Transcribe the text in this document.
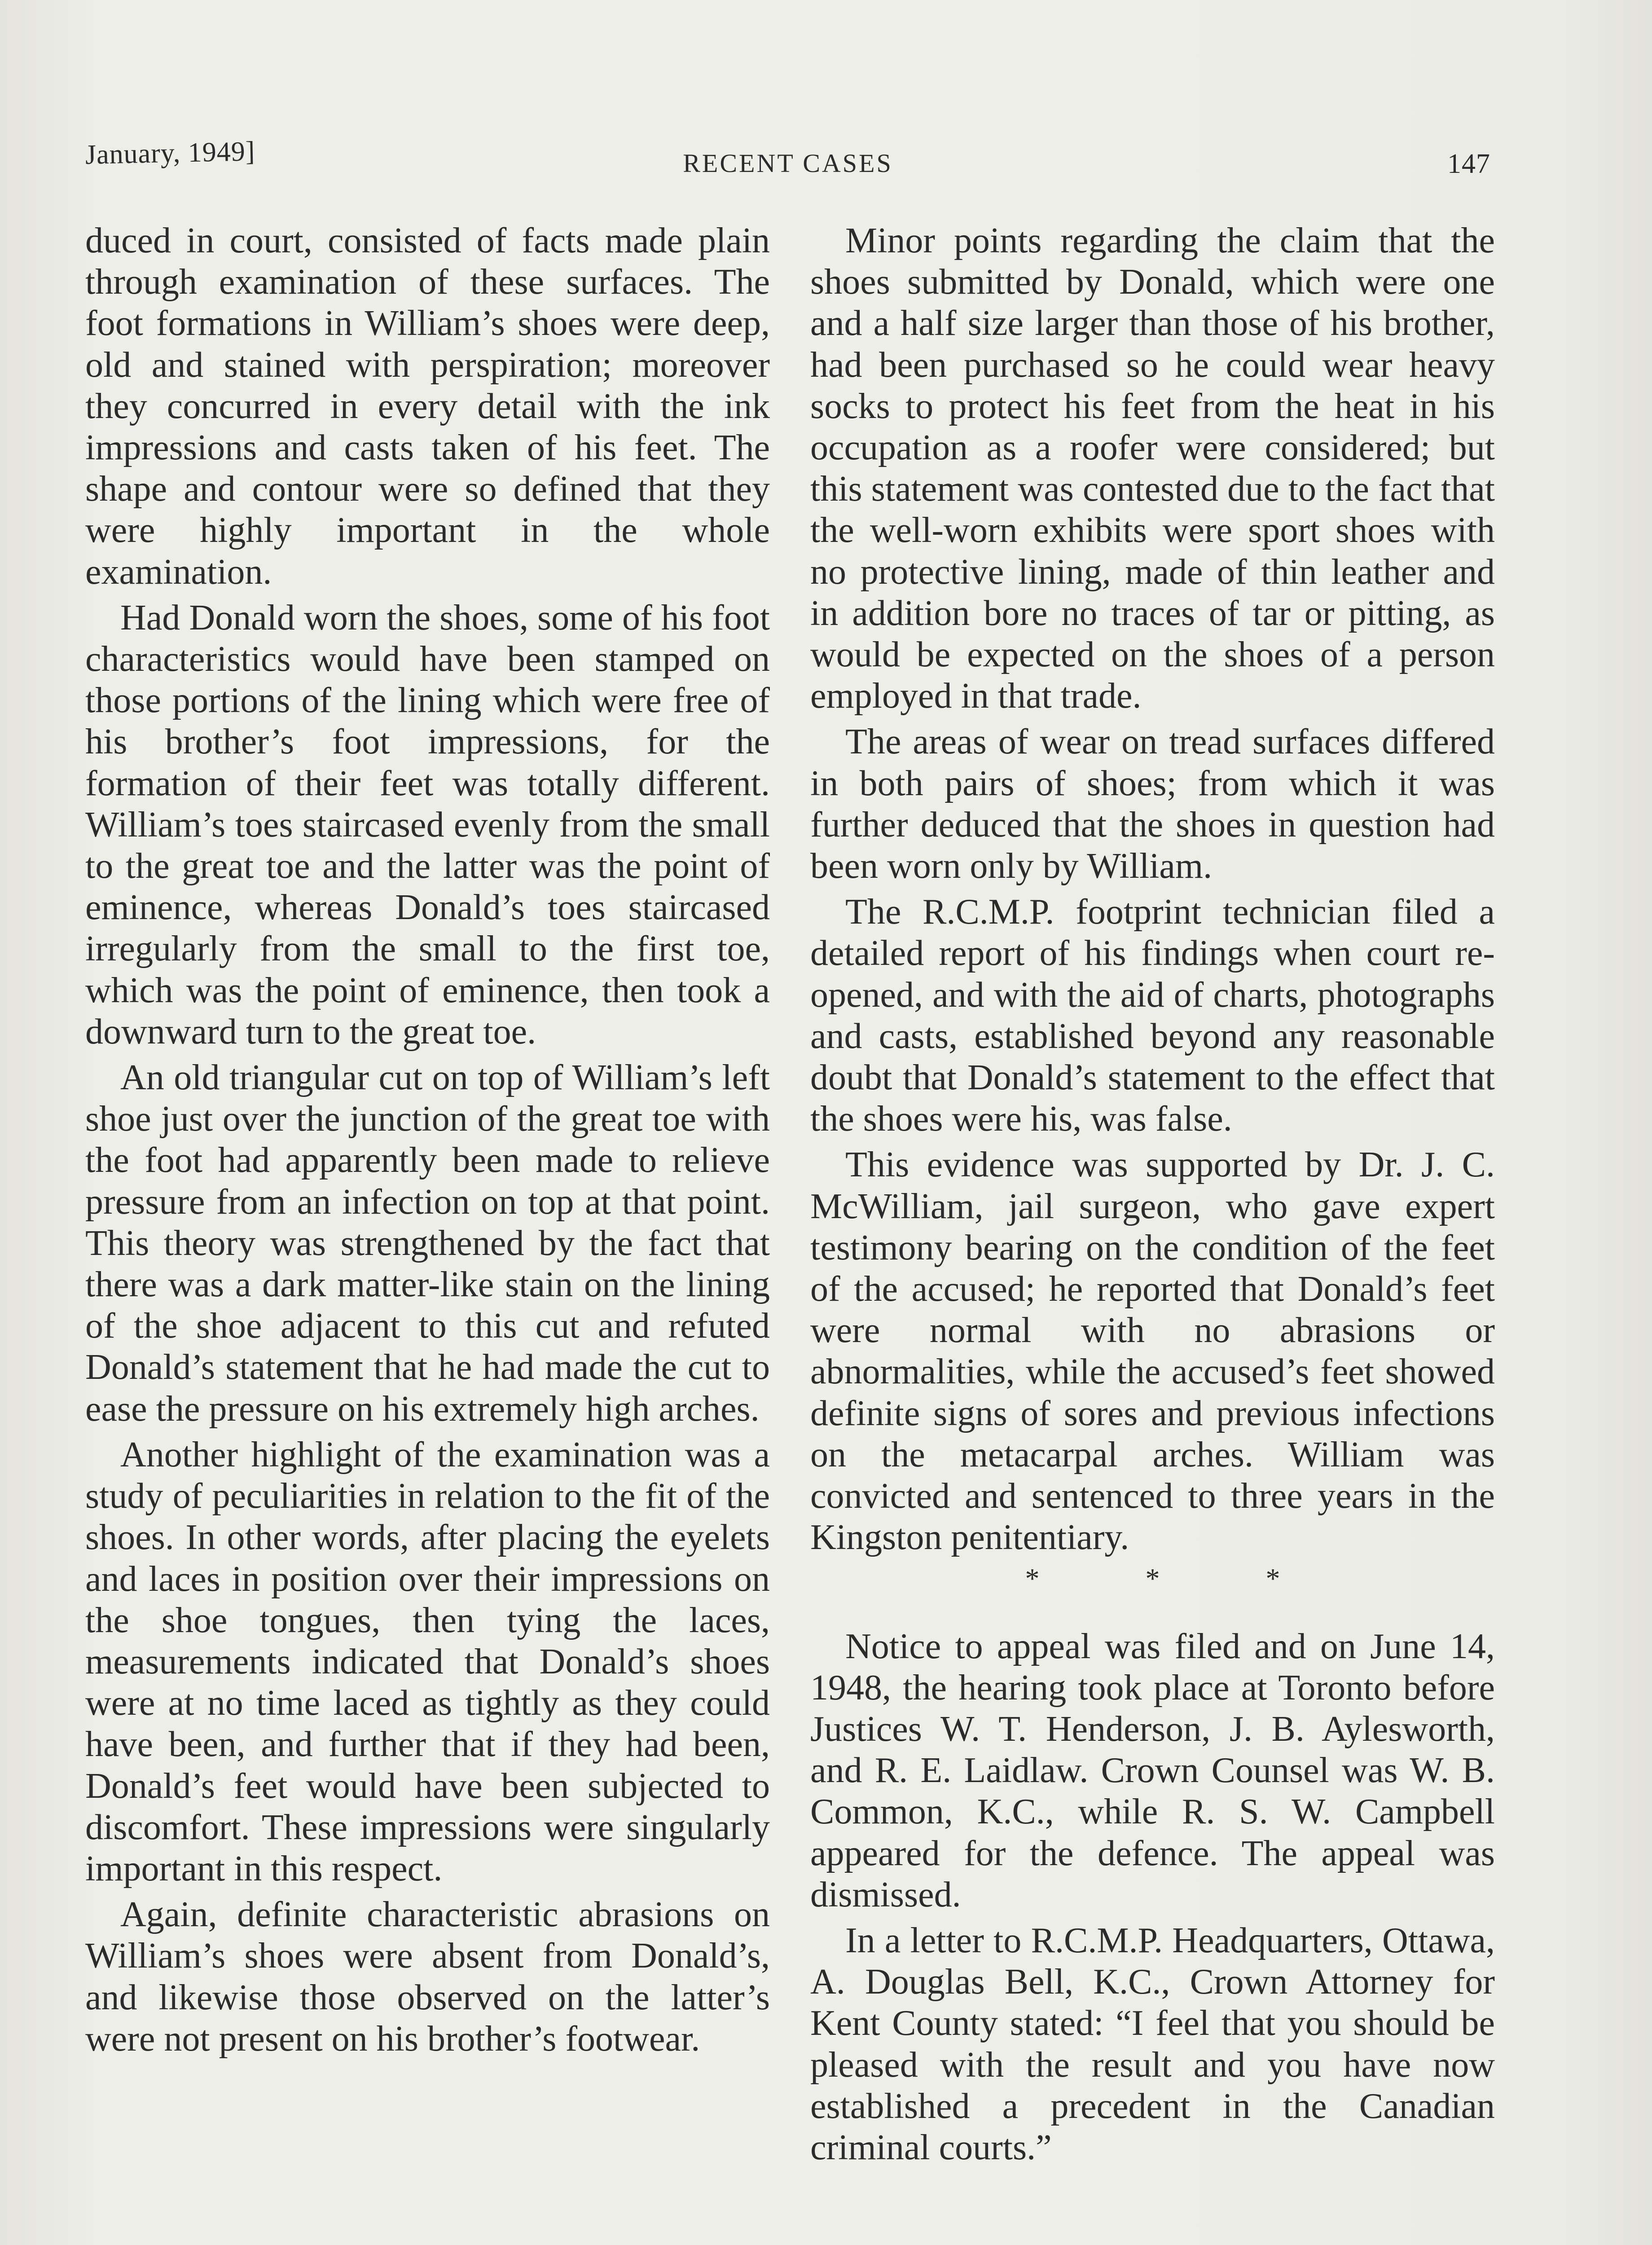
January, 1949]	RECENT CASES	147

duced in court, consisted of facts made plain through examination of these surfaces. The foot formations in William’s shoes were deep, old and stained with perspiration; moreover they concurred in every detail with the ink impressions and casts taken of his feet. The shape and contour were so defined that they were highly important in the whole examination.

Had Donald worn the shoes, some of his foot characteristics would have been stamped on those portions of the lining which were free of his brother’s foot impressions, for the formation of their feet was totally different. William’s toes staircased evenly from the small to the great toe and the latter was the point of eminence, whereas Donald’s toes staircased irregularly from the small to the first toe, which was the point of eminence, then took a downward turn to the great toe.

An old triangular cut on top of William’s left shoe just over the junction of the great toe with the foot had apparently been made to relieve pressure from an infection on top at that point. This theory was strengthened by the fact that there was a dark matter-like stain on the lining of the shoe adjacent to this cut and refuted Donald’s statement that he had made the cut to ease the pressure on his extremely high arches.

Another highlight of the examination was a study of peculiarities in relation to the fit of the shoes. In other words, after placing the eyelets and laces in position over their impressions on the shoe tongues, then tying the laces, measurements indicated that Donald’s shoes were at no time laced as tightly as they could have been, and further that if they had been, Donald’s feet would have been subjected to discomfort. These impressions were singularly important in this respect.

Again, definite characteristic abrasions on William’s shoes were absent from Donald’s, and likewise those observed on the latter’s were not present on his brother’s footwear.

Minor points regarding the claim that the shoes submitted by Donald, which were one and a half size larger than those of his brother, had been purchased so he could wear heavy socks to protect his feet from the heat in his occupation as a roofer were considered; but this statement was contested due to the fact that the well-worn exhibits were sport shoes with no protective lining, made of thin leather and in addition bore no traces of tar or pitting, as would be expected on the shoes of a person employed in that trade.

The areas of wear on tread surfaces differed in both pairs of shoes; from which it was further deduced that the shoes in question had been worn only by William.

The R.C.M.P. footprint technician filed a detailed report of his findings when court re-opened, and with the aid of charts, photographs and casts, established beyond any reasonable doubt that Donald’s statement to the effect that the shoes were his, was false.

This evidence was supported by Dr. J. C. McWilliam, jail surgeon, who gave expert testimony bearing on the condition of the feet of the accused; he reported that Donald’s feet were normal with no abrasions or abnormalities, while the accused’s feet showed definite signs of sores and previous infections on the metacarpal arches. William was convicted and sentenced to three years in the Kingston penitentiary.

* * *

Notice to appeal was filed and on June 14, 1948, the hearing took place at Toronto before Justices W. T. Henderson, J. B. Aylesworth, and R. E. Laidlaw. Crown Counsel was W. B. Common, K.C., while R. S. W. Campbell appeared for the defence. The appeal was dismissed.

In a letter to R.C.M.P. Headquarters, Ottawa, A. Douglas Bell, K.C., Crown Attorney for Kent County stated: “I feel that you should be pleased with the result and you have now established a precedent in the Canadian criminal courts.”
